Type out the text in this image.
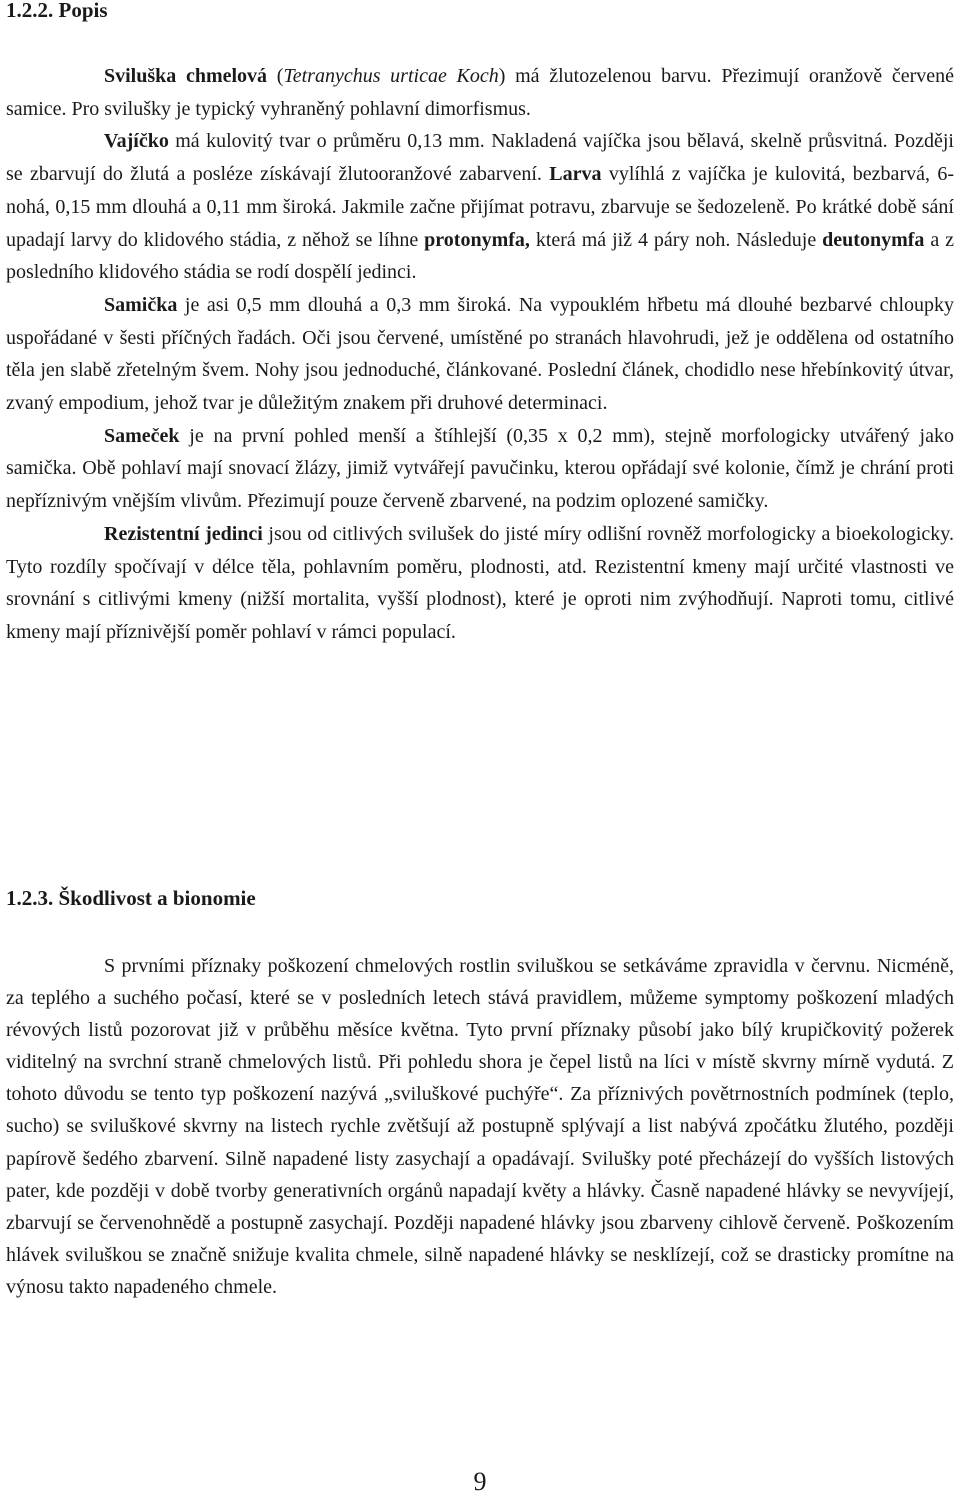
1.2.2. Popis

Sviluška chmelová (Tetranychus urticae Koch) má žlutozelenou barvu. Přezimují oranžově červené samice. Pro svilušky je typický vyhraněný pohlavní dimorfismus.

Vajíčko má kulovitý tvar o průměru 0,13 mm. Nakladená vajíčka jsou bělavá, skelně průsvitná. Později se zbarvují do žlutá a posléze získávají žlutooranžové zabarvení. Larva vylíhlá z vajíčka je kulovitá, bezbarvá, 6-nohá, 0,15 mm dlouhá a 0,11 mm široká. Jakmile začne přijímat potravu, zbarvuje se šedozeleně. Po krátké době sání upadají larvy do klidového stádia, z něhož se líhne protonymfa, která má již 4 páry noh. Následuje deutonymfa a z posledního klidového stádia se rodí dospělí jedinci.

Samička je asi 0,5 mm dlouhá a 0,3 mm široká. Na vypouklém hřbetu má dlouhé bezbarvé chloupky uspořádané v šesti příčných řadách. Oči jsou červené, umístěné po stranách hlavohrudi, jež je oddělena od ostatního těla jen slabě zřetelným švem. Nohy jsou jednoduché, článkované. Poslední článek, chodidlo nese hřebínkovitý útvar, zvaný empodium, jehož tvar je důležitým znakem při druhové determinaci.

Sameček je na první pohled menší a štíhlejší (0,35 x 0,2 mm), stejně morfologicky utvářený jako samička. Obě pohlaví mají snovací žlázy, jimiž vytvářejí pavučinku, kterou opřádají své kolonie, čímž je chrání proti nepříznivým vnějším vlivům. Přezimují pouze červeně zbarvené, na podzim oplozené samičky.

Rezistentní jedinci jsou od citlivých svilušek do jisté míry odlišní rovněž morfologicky a bioekologicky. Tyto rozdíly spočívají v délce těla, pohlavním poměru, plodnosti, atd. Rezistentní kmeny mají určité vlastnosti ve srovnání s citlivými kmeny (nižší mortalita, vyšší plodnost), které je oproti nim zvýhodňují. Naproti tomu, citlivé kmeny mají příznivější poměr pohlaví v rámci populací.

1.2.3. Škodlivost a bionomie

S prvními příznaky poškození chmelových rostlin sviluškou se setkáváme zpravidla v červnu. Nicméně, za teplého a suchého počasí, které se v posledních letech stává pravidlem, můžeme symptomy poškození mladých révových listů pozorovat již v průběhu měsíce května. Tyto první příznaky působí jako bílý krupičkovitý požerek viditelný na svrchní straně chmelových listů. Při pohledu shora je čepel listů na líci v místě skvrny mírně vydutá. Z tohoto důvodu se tento typ poškození nazývá „sviluškové puchýře“. Za příznivých povětrnostních podmínek (teplo, sucho) se sviluškové skvrny na listech rychle zvětšují až postupně splývají a list nabývá zpočátku žlutého, později papírově šedého zbarvení. Silně napadené listy zasychají a opadávají. Svilušky poté přecházejí do vyšších listových pater, kde později v době tvorby generativních orgánů napadají květy a hlávky. Časně napadené hlávky se nevyvíjejí, zbarvují se červenohnědě a postupně zasychají. Později napadené hlávky jsou zbarveny cihlově červeně. Poškozením hlávek sviluškou se značně snižuje kvalita chmele, silně napadené hlávky se nesklízejí, což se drasticky promítne na výnosu takto napadeného chmele.

9
